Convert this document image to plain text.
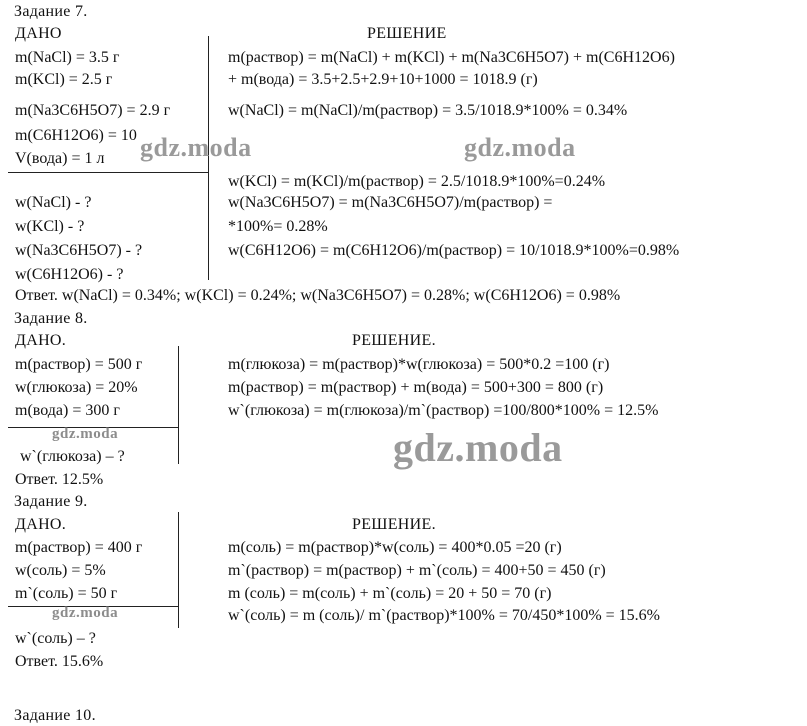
Задание 7.
ДАНО	РЕШЕНИЕ
m(NaCl) = 3.5 г
m(KCl) = 2.5 г
m(Na3C6H5O7) = 2.9 г
m(C6H12O6) = 10
V(вода) = 1 л
w(NaCl) - ?
w(KCl) - ?
w(Na3C6H5O7) - ?
w(C6H12O6) - ?
m(раствор) = m(NaCl) + m(KCl) + m(Na3C6H5O7) + m(C6H12O6)
+ m(вода) = 3.5+2.5+2.9+10+1000 = 1018.9 (г)
w(NaCl) = m(NaCl)/m(раствор) = 3.5/1018.9*100% = 0.34%
w(KCl) = m(KCl)/m(раствор) = 2.5/1018.9*100%=0.24%
w(Na3C6H5O7) = m(Na3C6H5O7)/m(раствор) =
*100%= 0.28%
w(C6H12O6) = m(C6H12O6)/m(раствор) = 10/1018.9*100%=0.98%
Ответ. w(NaCl) = 0.34%; w(KCl) = 0.24%; w(Na3C6H5O7) = 0.28%; w(C6H12O6) = 0.98%
Задание 8.
ДАНО.	РЕШЕНИЕ.
m(раствор) = 500 г
w(глюкоза) = 20%
m(вода) = 300 г
w`(глюкоза) – ?
m(глюкоза) = m(раствор)*w(глюкоза) = 500*0.2 =100 (г)
m(раствор) = m(раствор) + m(вода) = 500+300 = 800 (г)
w`(глюкоза) = m(глюкоза)/m`(раствор) =100/800*100% = 12.5%
Ответ. 12.5%
Задание 9.
ДАНО.	РЕШЕНИЕ.
m(раствор) = 400 г
w(соль) = 5%
m`(соль) = 50 г
w`(соль) – ?
m(соль) = m(раствор)*w(соль) = 400*0.05 =20 (г)
m`(раствор) = m(раствор) + m`(соль) = 400+50 = 450 (г)
m (соль) = m(соль) + m`(соль) = 20 + 50 = 70 (г)
w`(соль) = m (соль)/ m`(раствор)*100% = 70/450*100% = 15.6%
Ответ. 15.6%
Задание 10.
gdz.moda	gdz.moda
gdz.moda	gdz.moda
gdz.moda
